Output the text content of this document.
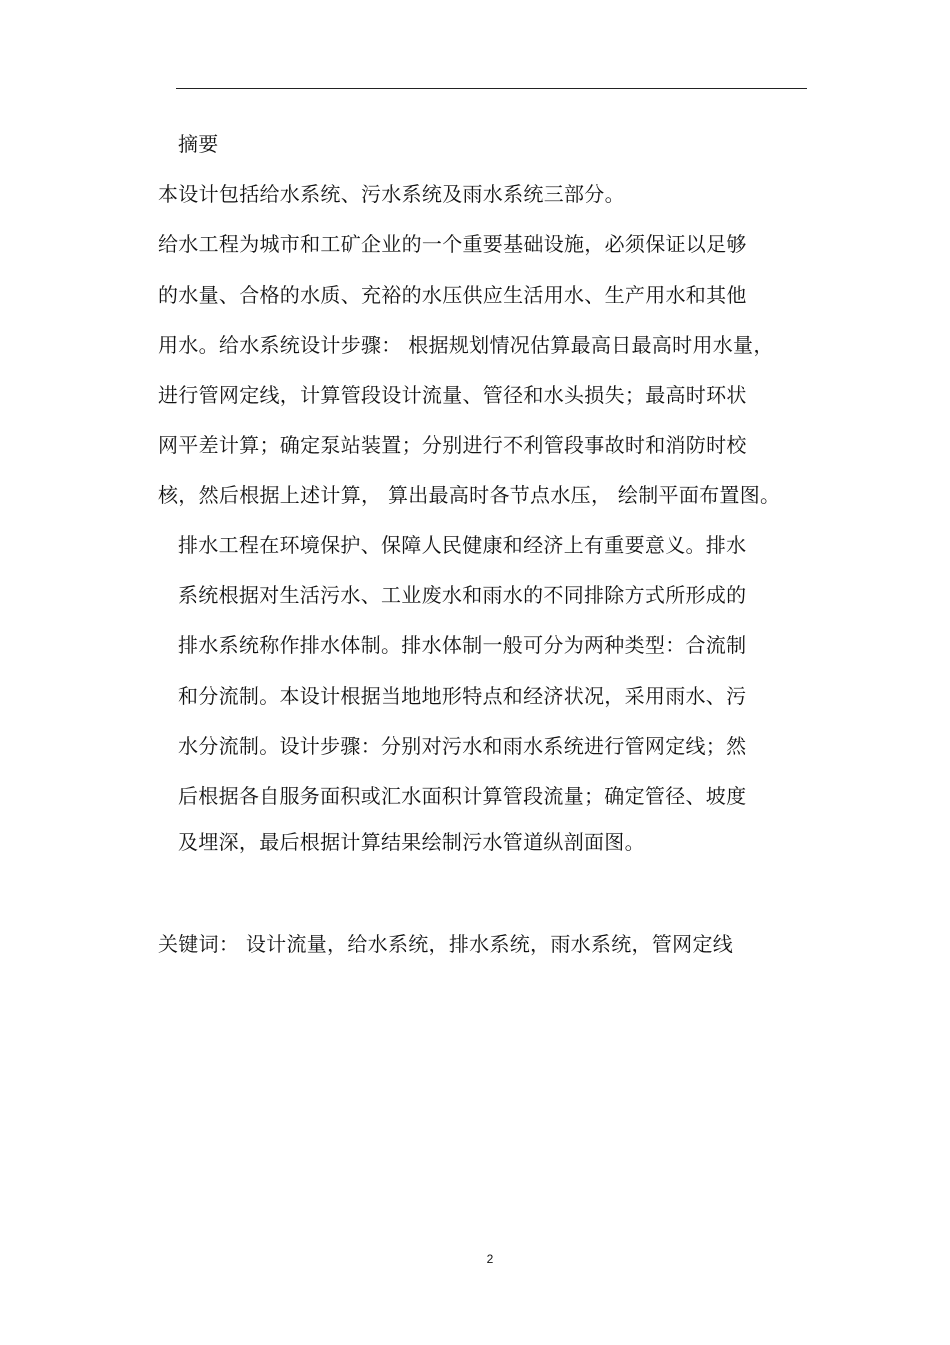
摘要
本设计包括给水系统、污水系统及雨水系统三部分。
给水工程为城市和工矿企业的一个重要基础设施，必须保证以足够
的水量、合格的水质、充裕的水压供应生活用水、生产用水和其他
用水。给水系统设计步骤： 根据规划情况估算最高日最高时用水量，
进行管网定线，计算管段设计流量、管径和水头损失；最高时环状
网平差计算；确定泵站装置；分别进行不利管段事故时和消防时校
核，然后根据上述计算， 算出最高时各节点水压， 绘制平面布置图。
排水工程在环境保护、保障人民健康和经济上有重要意义。排水
系统根据对生活污水、工业废水和雨水的不同排除方式所形成的
排水系统称作排水体制。排水体制一般可分为两种类型：合流制
和分流制。本设计根据当地地形特点和经济状况，采用雨水、污
水分流制。设计步骤：分别对污水和雨水系统进行管网定线；然
后根据各自服务面积或汇水面积计算管段流量；确定管径、坡度
及埋深，最后根据计算结果绘制污水管道纵剖面图。
关键词： 设计流量，给水系统，排水系统，雨水系统，管网定线
2
